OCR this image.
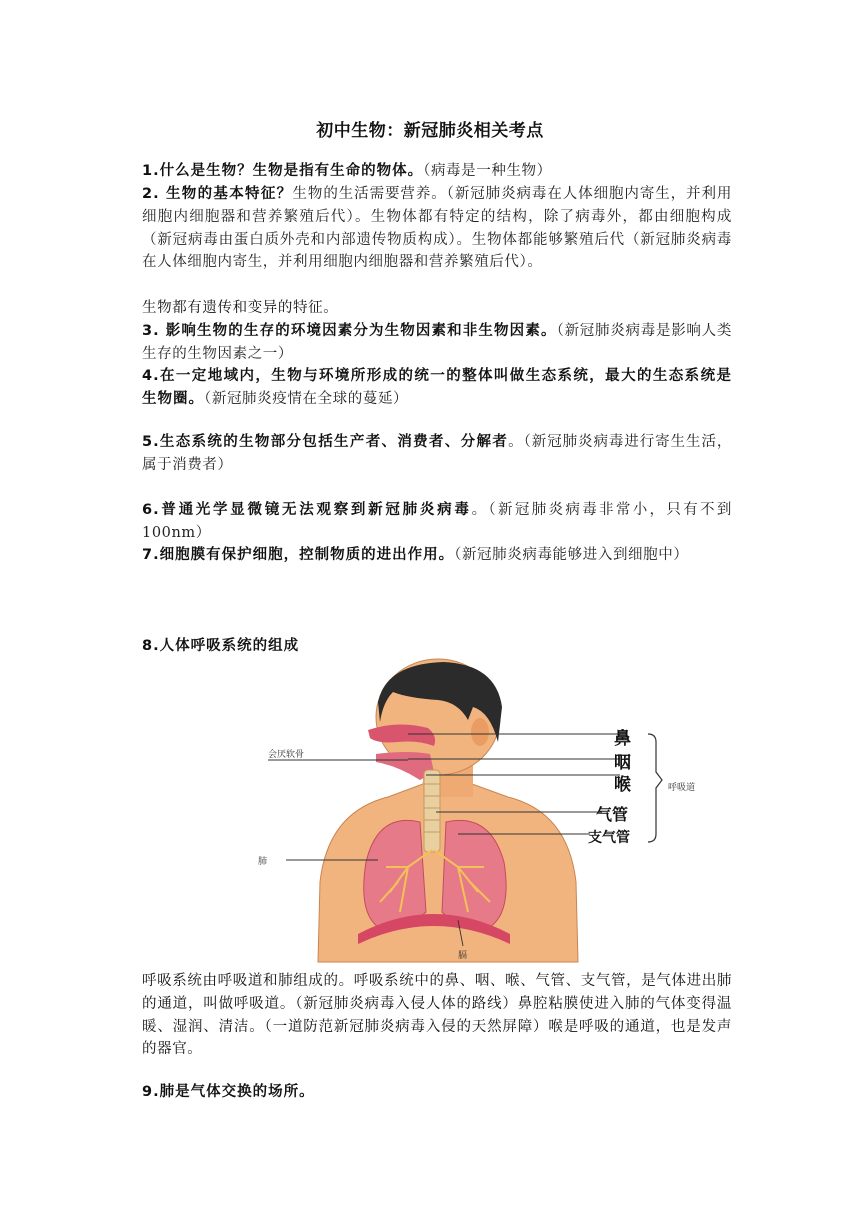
初中生物：新冠肺炎相关考点
1.什么是生物？生物是指有生命的物体。（病毒是一种生物）
2. 生物的基本特征？生物的生活需要营养。（新冠肺炎病毒在人体细胞内寄生，并利用细胞内细胞器和营养繁殖后代）。生物体都有特定的结构，除了病毒外，都由细胞构成（新冠病毒由蛋白质外壳和内部遗传物质构成）。生物体都能够繁殖后代（新冠肺炎病毒在人体细胞内寄生，并利用细胞内细胞器和营养繁殖后代）。
生物都有遗传和变异的特征。
3. 影响生物的生存的环境因素分为生物因素和非生物因素。（新冠肺炎病毒是影响人类生存的生物因素之一）
4.在一定地域内，生物与环境所形成的统一的整体叫做生态系统，最大的生态系统是生物圈。（新冠肺炎疫情在全球的蔓延）
5.生态系统的生物部分包括生产者、消费者、分解者。（新冠肺炎病毒进行寄生生活，属于消费者）
6.普通光学显微镜无法观察到新冠肺炎病毒。（新冠肺炎病毒非常小，只有不到100nm）
7.细胞膜有保护细胞，控制物质的进出作用。（新冠肺炎病毒能够进入到细胞中）
8.人体呼吸系统的组成
鼻
咽
喉
气管
支气管
呼吸道
会厌软骨
肺
膈
呼吸系统由呼吸道和肺组成的。呼吸系统中的鼻、咽、喉、气管、支气管，是气体进出肺的通道，叫做呼吸道。（新冠肺炎病毒入侵人体的路线）鼻腔粘膜使进入肺的气体变得温暖、湿润、清洁。（一道防范新冠肺炎病毒入侵的天然屏障）喉是呼吸的通道，也是发声的器官。
9.肺是气体交换的场所。
